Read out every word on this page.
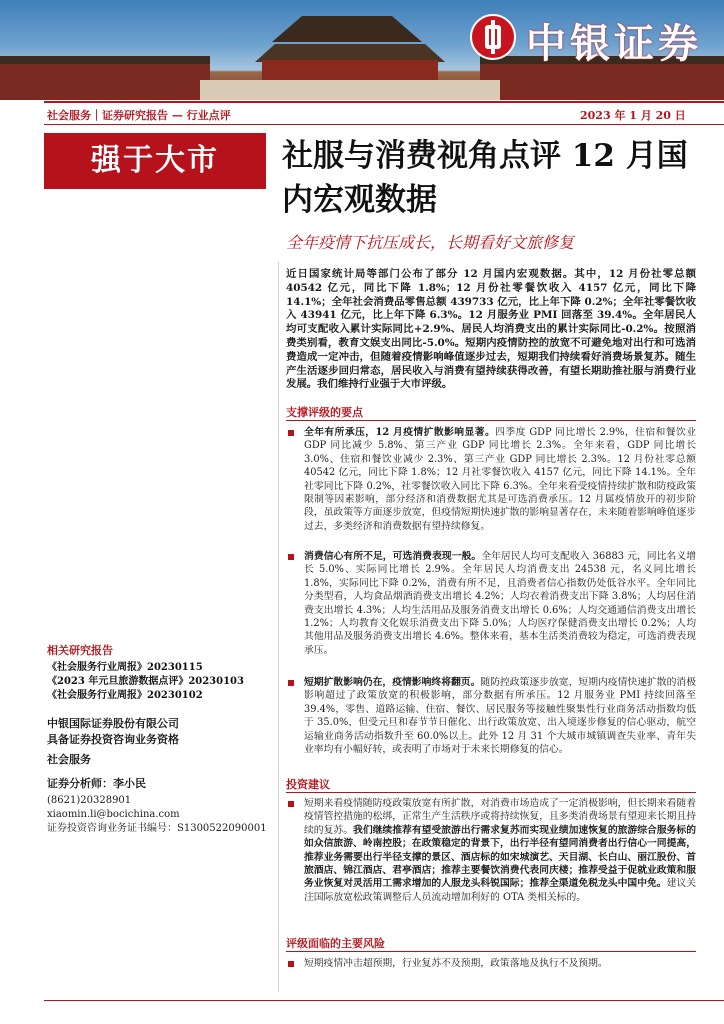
中银证券
社会服务｜证券研究报告 — 行业点评	2023 年 1 月 20 日
强于大市	社服与消费视角点评 12 月国内宏观数据
全年疫情下抗压成长，长期看好文旅修复
近日国家统计局等部门公布了部分 12 月国内宏观数据。其中，12 月份社零总额 40542 亿元，同比下降 1.8%；12 月份社零餐饮收入 4157 亿元，同比下降 14.1%；全年社会消费品零售总额 439733 亿元，比上年下降 0.2%；全年社零餐饮收入 43941 亿元，比上年下降 6.3%。12 月服务业 PMI 回落至 39.4%。全年居民人均可支配收入累计实际同比+2.9%、居民人均消费支出的累计实际同比-0.2%。按照消费类别看，教育文娱支出同比-5.0%。短期内疫情防控的放宽不可避免地对出行和可选消费造成一定冲击，但随着疫情影响峰值逐步过去，短期我们持续看好消费场景复苏。随生产生活逐步回归常态，居民收入与消费有望持续获得改善，有望长期助推社服与消费行业发展。我们维持行业强于大市评级。
支撑评级的要点
全年有所承压，12 月疫情扩散影响显著。四季度 GDP 同比增长 2.9%，住宿和餐饮业 GDP 同比减少 5.8%、第三产业 GDP 同比增长 2.3%。全年来看，GDP 同比增长 3.0%、住宿和餐饮业减少 2.3%、第三产业 GDP 同比增长 2.3%。12 月份社零总额 40542 亿元，同比下降 1.8%；12 月社零餐饮收入 4157 亿元，同比下降 14.1%。全年社零同比下降 0.2%，社零餐饮收入同比下降 6.3%。全年来看受疫情持续扩散和防疫政策限制等因素影响，部分经济和消费数据尤其是可选消费承压。12 月属疫情放开的初步阶段，虽政策等方面逐步放宽，但疫情短期快速扩散的影响显著存在，未来随着影响峰值逐步过去，多类经济和消费数据有望持续修复。
消费信心有所不足，可选消费表现一般。全年居民人均可支配收入 36883 元，同比名义增长 5.0%、实际同比增长 2.9%。全年居民人均消费支出 24538 元，名义同比增长 1.8%，实际同比下降 0.2%，消费有所不足，且消费者信心指数仍处低谷水平。全年同比分类型看，人均食品烟酒消费支出增长 4.2%；人均衣着消费支出下降 3.8%；人均居住消费支出增长 4.3%；人均生活用品及服务消费支出增长 0.6%；人均交通通信消费支出增长 1.2%；人均教育文化娱乐消费支出下降 5.0%；人均医疗保健消费支出增长 0.2%；人均其他用品及服务消费支出增长 4.6%。整体来看，基本生活类消费较为稳定，可选消费表现承压。
短期扩散影响仍在，疫情影响终将翻页。随防控政策逐步放宽，短期内疫情快速扩散的消极影响超过了政策放宽的积极影响，部分数据有所承压。12 月服务业 PMI 持续回落至 39.4%，零售、道路运输、住宿、餐饮、居民服务等接触性聚集性行业商务活动指数均低于 35.0%，但受元旦和春节节日催化、出行政策放宽、出入境逐步修复的信心驱动，航空运输业商务活动指数升至 60.0%以上。此外 12 月 31 个大城市城镇调查失业率、青年失业率均有小幅好转，或表明了市场对于未来长期修复的信心。
投资建议
短期来看疫情随防疫政策放宽有所扩散，对消费市场造成了一定消极影响，但长期来看随着疫情管控措施的松绑，正常生产生活秩序或将持续恢复，且多类消费场景有望迎来长期且持续的复苏。我们继续推荐有望受旅游出行需求复苏而实现业绩加速恢复的旅游综合服务标的如众信旅游、岭南控股；在政策稳定的背景下，出行半径有望同消费者出行信心一同提高，推荐业务需要出行半径支撑的景区、酒店标的如宋城演艺、天目湖、长白山、丽江股份、首旅酒店、锦江酒店、君亭酒店；推荐主要餐饮消费代表同庆楼；推荐受益于促就业政策和服务业恢复对灵活用工需求增加的人服龙头科锐国际；推荐全渠道免税龙头中国中免。建议关注国际放宽松政策调整后人员流动增加利好的 OTA 类相关标的。
评级面临的主要风险
短期疫情冲击超预期，行业复苏不及预期，政策落地及执行不及预期。
相关研究报告
《社会服务行业周报》20230115
《2023 年元旦旅游数据点评》20230103
《社会服务行业周报》20230102
中银国际证券股份有限公司
具备证券投资咨询业务资格
社会服务
证券分析师：李小民
(8621)20328901
xiaomin.li@bocichina.com
证券投资咨询业务证书编号：S1300522090001
